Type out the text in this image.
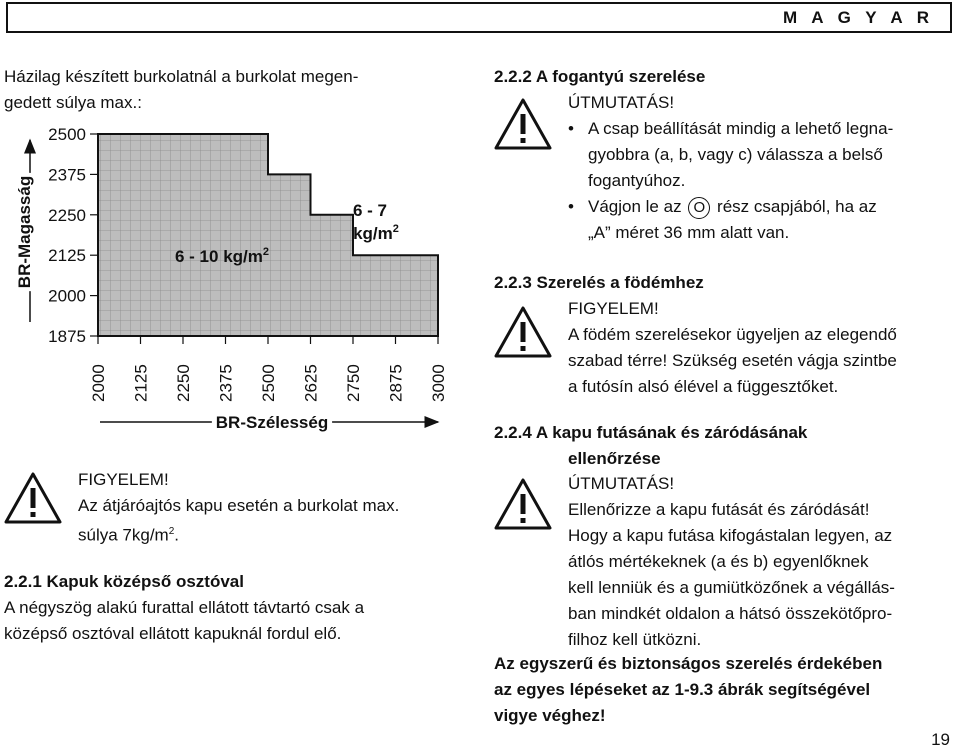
M A G Y A R
Házilag készített burkolatnál a burkolat megen-
gedett súlya max.:
2500
2375
2250
2125
2000
1875
2000 2125 2250 2375 2500 2625 2750 2875 3000
BR-Magasság
BR-Szélesség
6 - 10 $kg/m^2$
6 - 7
$kg/m^2$
FIGYELEM!
Az átjáróajtós kapu esetén a burkolat max.
súlya $7kg/m^2$.
2.2.1 Kapuk középső osztóval
A négyszög alakú furattal ellátott távtartó csak a
középső osztóval ellátott kapuknál fordul elő.
2.2.2 A fogantyú szerelése
ÚTMUTATÁS!
• A csap beállítását mindig a lehető legna-
gyobbra (a, b, vagy c) válassza a belső
fogantyúhoz.
• Vágjon le az O rész csapjából, ha az
„A” méret 36 mm alatt van.
2.2.3 Szerelés a födémhez
FIGYELEM!
A födém szerelésekor ügyeljen az elegendő
szabad térre! Szükség esetén vágja szintbe
a futósín alsó élével a függesztőket.
2.2.4 A kapu futásának és záródásának
ellenőrzése
ÚTMUTATÁS!
Ellenőrizze a kapu futását és záródását!
Hogy a kapu futása kifogástalan legyen, az
átlós mértékeknek (a és b) egyenlőknek
kell lenniük és a gumiütközőnek a végállás-
ban mindkét oldalon a hátsó összekötőpro-
filhoz kell ütközni.
Az egyszerű és biztonságos szerelés érdekében
az egyes lépéseket az 1-9.3 ábrák segítségével
vigye véghez!
19
